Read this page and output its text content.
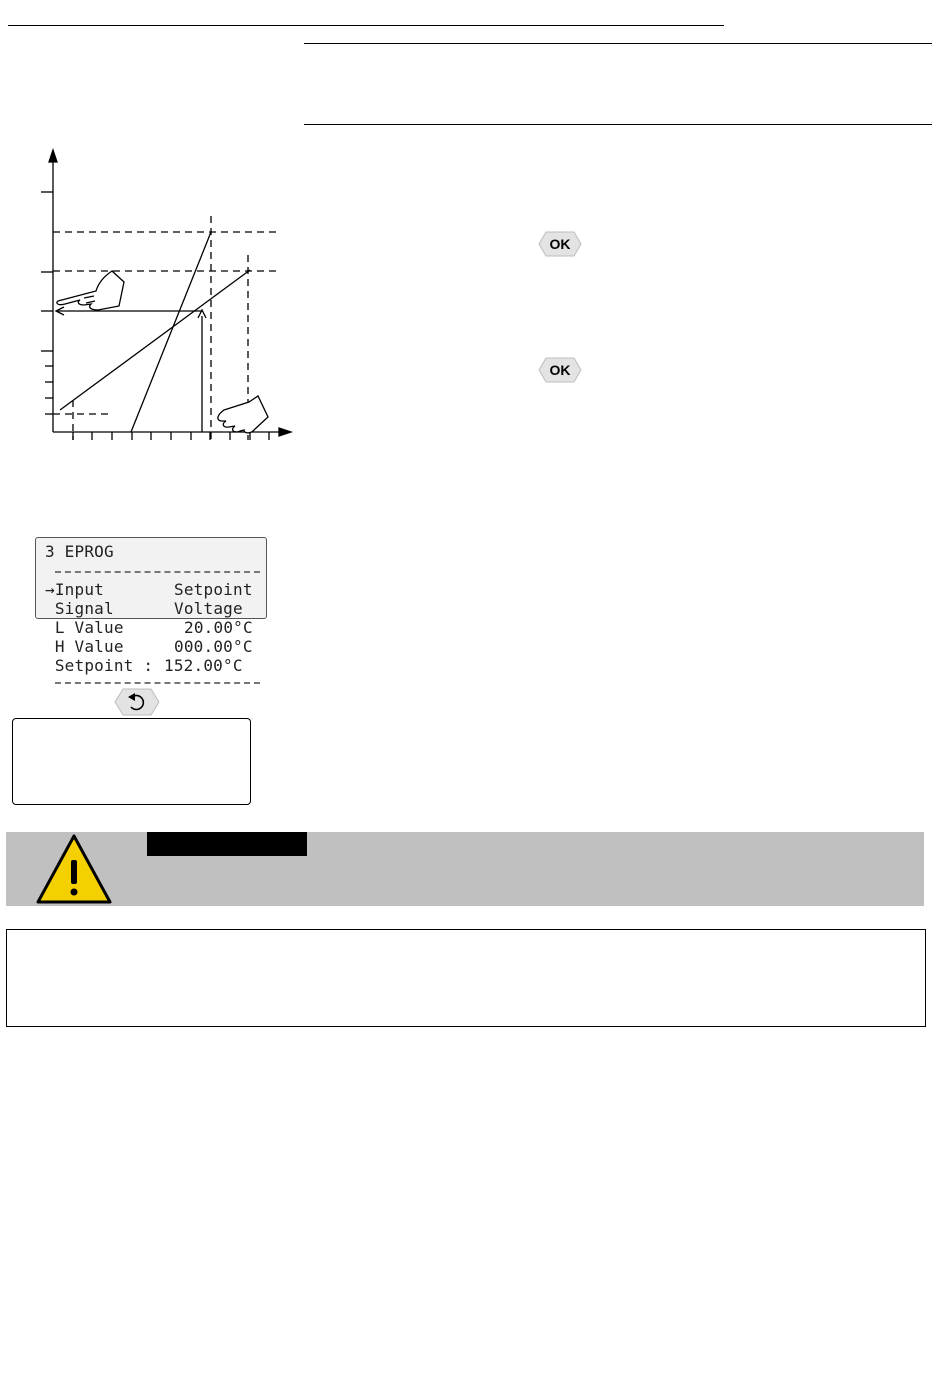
OK
OK
3 EPROG
→Input	Setpoint
Signal	Voltage
L Value	20.00°C
H Value	000.00°C
Setpoint : 152.00°C
